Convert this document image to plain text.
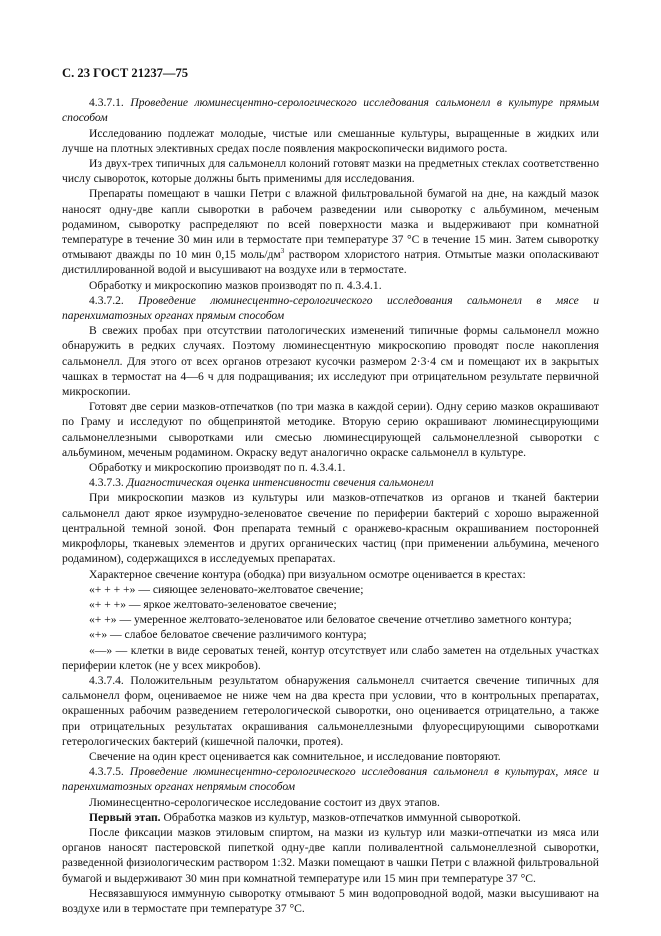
С. 23 ГОСТ 21237—75

4.3.7.1. Проведение люминесцентно-серологического исследования сальмонелл в культуре прямым способом

Исследованию подлежат молодые, чистые или смешанные культуры, выращенные в жидких или лучше на плотных элективных средах после появления макроскопически видимого роста.

Из двух-трех типичных для сальмонелл колоний готовят мазки на предметных стеклах соответственно числу сывороток, которые должны быть применимы для исследования.

Препараты помещают в чашки Петри с влажной фильтровальной бумагой на дне, на каждый мазок наносят одну-две капли сыворотки в рабочем разведении или сыворотку с альбумином, меченым родамином, сыворотку распределяют по всей поверхности мазка и выдерживают при комнатной температуре в течение 30 мин или в термостате при температуре 37 °С в течение 15 мин. Затем сыворотку отмывают дважды по 10 мин 0,15 моль/$дм^3$ раствором хлористого натрия. Отмытые мазки ополаскивают дистиллированной водой и высушивают на воздухе или в термостате.

Обработку и микроскопию мазков производят по п. 4.3.4.1.

4.3.7.2. Проведение люминесцентно-серологического исследования сальмонелл в мясе и паренхиматозных органах прямым способом

В свежих пробах при отсутствии патологических изменений типичные формы сальмонелл можно обнаружить в редких случаях. Поэтому люминесцентную микроскопию проводят после накопления сальмонелл. Для этого от всех органов отрезают кусочки размером 2·3·4 см и помещают их в закрытых чашках в термостат на 4—6 ч для подращивания; их исследуют при отрицательном результате первичной микроскопии.

Готовят две серии мазков-отпечатков (по три мазка в каждой серии). Одну серию мазков окрашивают по Граму и исследуют по общепринятой методике. Вторую серию окрашивают люминесцирующими сальмонеллезными сыворотками или смесью люминесцирующей сальмонеллезной сыворотки с альбумином, меченым родамином. Окраску ведут аналогично окраске сальмонелл в культуре.

Обработку и микроскопию производят по п. 4.3.4.1.

4.3.7.3. Диагностическая оценка интенсивности свечения сальмонелл

При микроскопии мазков из культуры или мазков-отпечатков из органов и тканей бактерии сальмонелл дают яркое изумрудно-зеленоватое свечение по периферии бактерий с хорошо выраженной центральной темной зоной. Фон препарата темный с оранжево-красным окрашиванием посторонней микрофлоры, тканевых элементов и других органических частиц (при применении альбумина, меченого родамином), содержащихся в исследуемых препаратах.

Характерное свечение контура (ободка) при визуальном осмотре оценивается в крестах:

«+ + + +» — сияющее зеленовато-желтоватое свечение;

«+ + +» — яркое желтовато-зеленоватое свечение;

«+ +» — умеренное желтовато-зеленоватое или беловатое свечение отчетливо заметного контура;

«+» — слабое беловатое свечение различимого контура;

«—» — клетки в виде сероватых теней, контур отсутствует или слабо заметен на отдельных участках периферии клеток (не у всех микробов).

4.3.7.4. Положительным результатом обнаружения сальмонелл считается свечение типичных для сальмонелл форм, оцениваемое не ниже чем на два креста при условии, что в контрольных препаратах, окрашенных рабочим разведением гетерологической сыворотки, оно оценивается отрицательно, а также при отрицательных результатах окрашивания сальмонеллезными флуоресцирующими сыворотками гетерологических бактерий (кишечной палочки, протея).

Свечение на один крест оценивается как сомнительное, и исследование повторяют.

4.3.7.5. Проведение люминесцентно-серологического исследования сальмонелл в культурах, мясе и паренхиматозных органах непрямым способом

Люминесцентно-серологическое исследование состоит из двух этапов.

Первый этап. Обработка мазков из культур, мазков-отпечатков иммунной сывороткой.

После фиксации мазков этиловым спиртом, на мазки из культур или мазки-отпечатки из мяса или органов наносят пастеровской пипеткой одну-две капли поливалентной сальмонеллезной сыворотки, разведенной физиологическим раствором 1:32. Мазки помещают в чашки Петри с влажной фильтровальной бумагой и выдерживают 30 мин при комнатной температуре или 15 мин при температуре 37 °С.

Несвязавшуюся иммунную сыворотку отмывают 5 мин водопроводной водой, мазки высушивают на воздухе или в термостате при температуре 37 °С.
